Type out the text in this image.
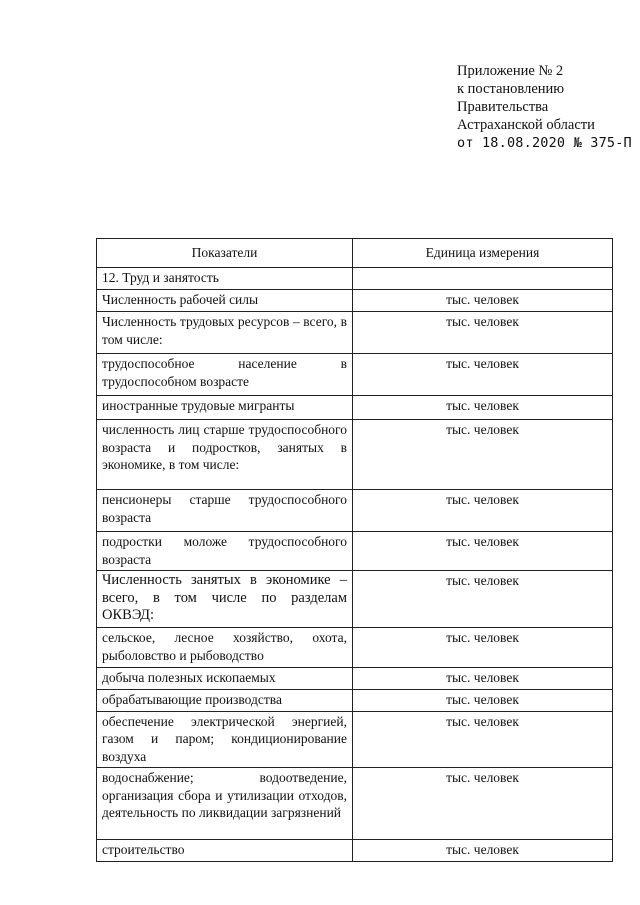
Приложение № 2
к постановлению
Правительства
Астраханской области
от 18.08.2020 № 375-П
Показатели	Единица измерения
12. Труд и занятость	
Численность рабочей силы	тыс. человек
Численность трудовых ресурсов – всего, в том числе:	тыс. человек
трудоспособное население в трудоспособном возрасте	тыс. человек
иностранные трудовые мигранты	тыс. человек
численность лиц старше трудоспособного возраста и подростков, занятых в экономике, в том числе:	тыс. человек
пенсионеры старше трудоспособного возраста	тыс. человек
подростки моложе трудоспособного возраста	тыс. человек
Численность занятых в экономике – всего, в том числе по разделам ОКВЭД:	тыс. человек
сельское, лесное хозяйство, охота, рыболовство и рыбоводство	тыс. человек
добыча полезных ископаемых	тыс. человек
обрабатывающие производства	тыс. человек
обеспечение электрической энергией, газом и паром; кондиционирование воздуха	тыс. человек
водоснабжение; водоотведение, организация сбора и утилизации отходов, деятельность по ликвидации загрязнений	тыс. человек
строительство	тыс. человек
